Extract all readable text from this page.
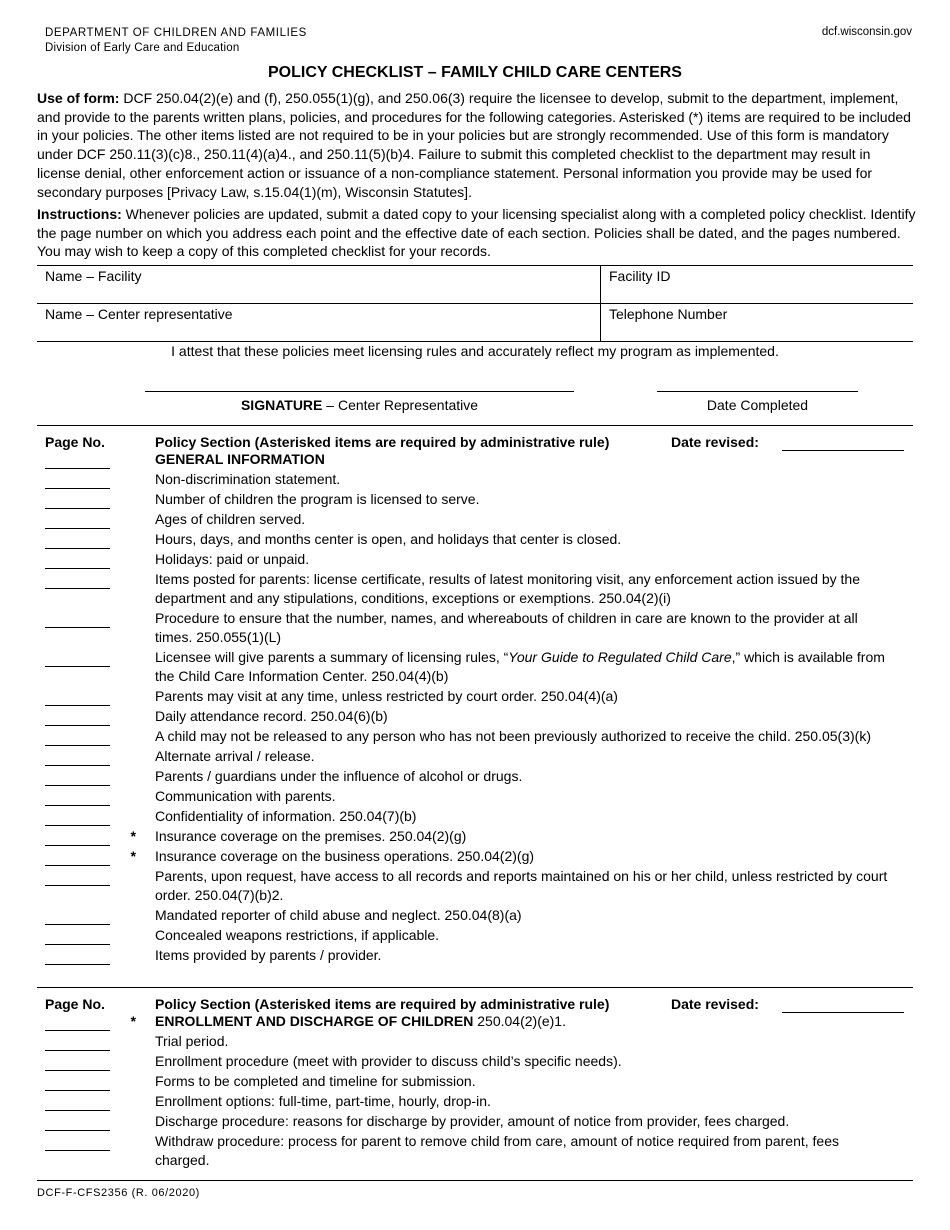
DEPARTMENT OF CHILDREN AND FAMILIES
Division of Early Care and Education
dcf.wisconsin.gov
POLICY CHECKLIST – FAMILY CHILD CARE CENTERS
Use of form: DCF 250.04(2)(e) and (f), 250.055(1)(g), and 250.06(3) require the licensee to develop, submit to the department, implement, and provide to the parents written plans, policies, and procedures for the following categories. Asterisked (*) items are required to be included in your policies. The other items listed are not required to be in your policies but are strongly recommended. Use of this form is mandatory under DCF 250.11(3)(c)8., 250.11(4)(a)4., and 250.11(5)(b)4. Failure to submit this completed checklist to the department may result in license denial, other enforcement action or issuance of a non-compliance statement. Personal information you provide may be used for secondary purposes [Privacy Law, s.15.04(1)(m), Wisconsin Statutes].
Instructions: Whenever policies are updated, submit a dated copy to your licensing specialist along with a completed policy checklist. Identify the page number on which you address each point and the effective date of each section. Policies shall be dated, and the pages numbered. You may wish to keep a copy of this completed checklist for your records.
Name – Facility	Facility ID
Name – Center representative	Telephone Number
I attest that these policies meet licensing rules and accurately reflect my program as implemented.
SIGNATURE – Center Representative	Date Completed
Page No.	Policy Section (Asterisked items are required by administrative rule)	Date revised:
GENERAL INFORMATION
Non-discrimination statement.
Number of children the program is licensed to serve.
Ages of children served.
Hours, days, and months center is open, and holidays that center is closed.
Holidays: paid or unpaid.
Items posted for parents: license certificate, results of latest monitoring visit, any enforcement action issued by the department and any stipulations, conditions, exceptions or exemptions. 250.04(2)(i)
Procedure to ensure that the number, names, and whereabouts of children in care are known to the provider at all times. 250.055(1)(L)
Licensee will give parents a summary of licensing rules, “Your Guide to Regulated Child Care,” which is available from the Child Care Information Center. 250.04(4)(b)
Parents may visit at any time, unless restricted by court order. 250.04(4)(a)
Daily attendance record. 250.04(6)(b)
A child may not be released to any person who has not been previously authorized to receive the child. 250.05(3)(k)
Alternate arrival / release.
Parents / guardians under the influence of alcohol or drugs.
Communication with parents.
Confidentiality of information. 250.04(7)(b)
* Insurance coverage on the premises. 250.04(2)(g)
* Insurance coverage on the business operations. 250.04(2)(g)
Parents, upon request, have access to all records and reports maintained on his or her child, unless restricted by court order. 250.04(7)(b)2.
Mandated reporter of child abuse and neglect. 250.04(8)(a)
Concealed weapons restrictions, if applicable.
Items provided by parents / provider.
Page No.	Policy Section (Asterisked items are required by administrative rule)	Date revised:
* ENROLLMENT AND DISCHARGE OF CHILDREN 250.04(2)(e)1.
Trial period.
Enrollment procedure (meet with provider to discuss child’s specific needs).
Forms to be completed and timeline for submission.
Enrollment options: full-time, part-time, hourly, drop-in.
Discharge procedure: reasons for discharge by provider, amount of notice from provider, fees charged.
Withdraw procedure: process for parent to remove child from care, amount of notice required from parent, fees charged.
DCF-F-CFS2356 (R. 06/2020)
